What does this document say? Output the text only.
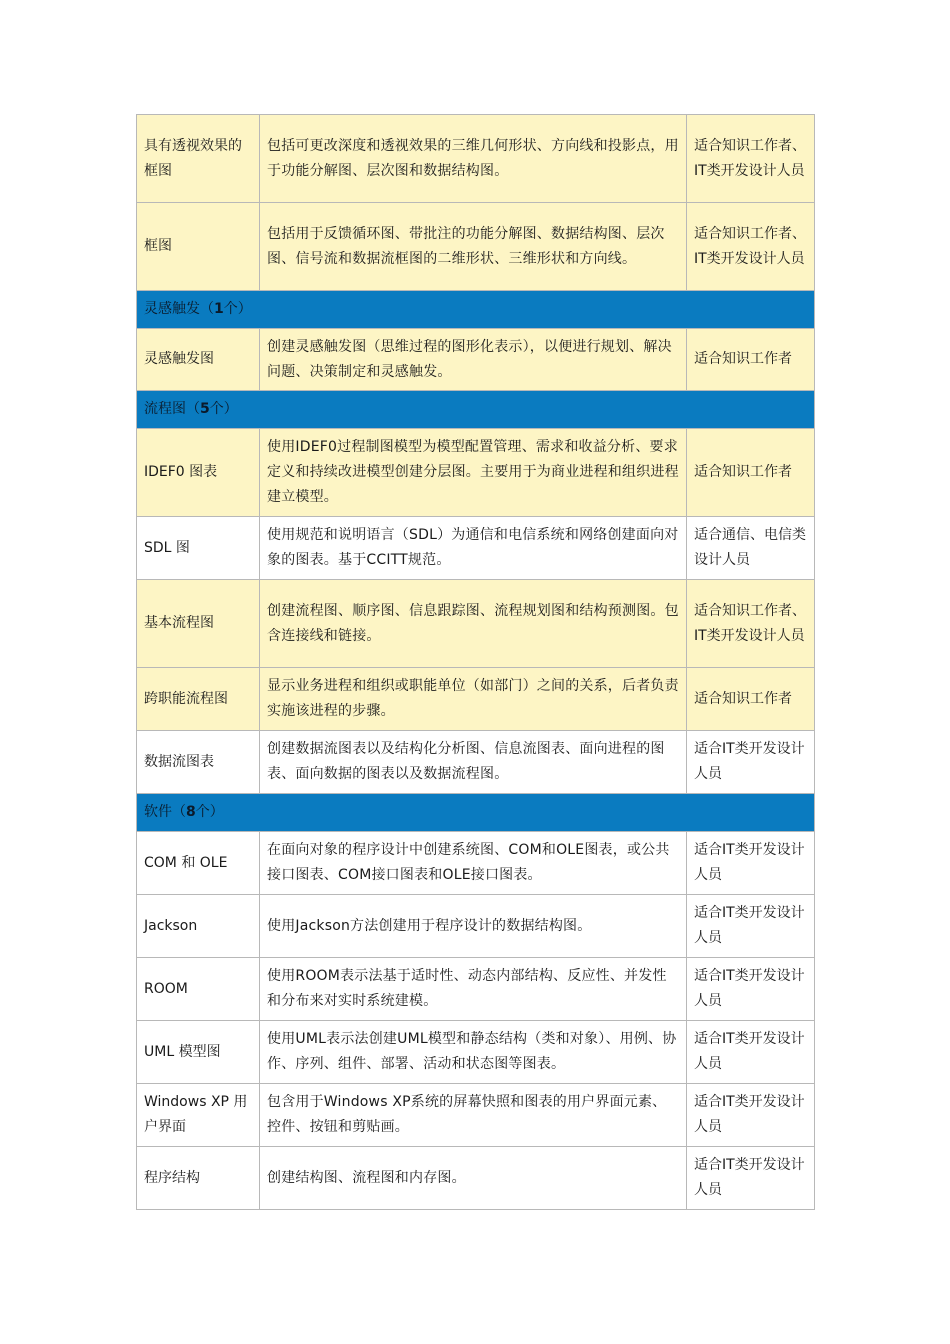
具有透视效果的框图	包括可更改深度和透视效果的三维几何形状、方向线和投影点，用于功能分解图、层次图和数据结构图。	适合知识工作者、IT类开发设计人员
框图	包括用于反馈循环图、带批注的功能分解图、数据结构图、层次图、信号流和数据流框图的二维形状、三维形状和方向线。	适合知识工作者、IT类开发设计人员
灵感触发（1个）		
灵感触发图	创建灵感触发图（思维过程的图形化表示），以便进行规划、解决问题、决策制定和灵感触发。	适合知识工作者
流程图（5个）		
IDEF0 图表	使用IDEF0过程制图模型为模型配置管理、需求和收益分析、要求定义和持续改进模型创建分层图。主要用于为商业进程和组织进程建立模型。	适合知识工作者
SDL 图	使用规范和说明语言（SDL）为通信和电信系统和网络创建面向对象的图表。基于CCITT规范。	适合通信、电信类设计人员
基本流程图	创建流程图、顺序图、信息跟踪图、流程规划图和结构预测图。包含连接线和链接。	适合知识工作者、IT类开发设计人员
跨职能流程图	显示业务进程和组织或职能单位（如部门）之间的关系，后者负责实施该进程的步骤。	适合知识工作者
数据流图表	创建数据流图表以及结构化分析图、信息流图表、面向进程的图表、面向数据的图表以及数据流程图。	适合IT类开发设计人员
软件（8个）		
COM 和 OLE	在面向对象的程序设计中创建系统图、COM和OLE图表，或公共接口图表、COM接口图表和OLE接口图表。	适合IT类开发设计人员
Jackson	使用Jackson方法创建用于程序设计的数据结构图。	适合IT类开发设计人员
ROOM	使用ROOM表示法基于适时性、动态内部结构、反应性、并发性和分布来对实时系统建模。	适合IT类开发设计人员
UML 模型图	使用UML表示法创建UML模型和静态结构（类和对象）、用例、协作、序列、组件、部署、活动和状态图等图表。	适合IT类开发设计人员
Windows XP 用户界面	包含用于Windows XP系统的屏幕快照和图表的用户界面元素、控件、按钮和剪贴画。	适合IT类开发设计人员
程序结构	创建结构图、流程图和内存图。	适合IT类开发设计人员
